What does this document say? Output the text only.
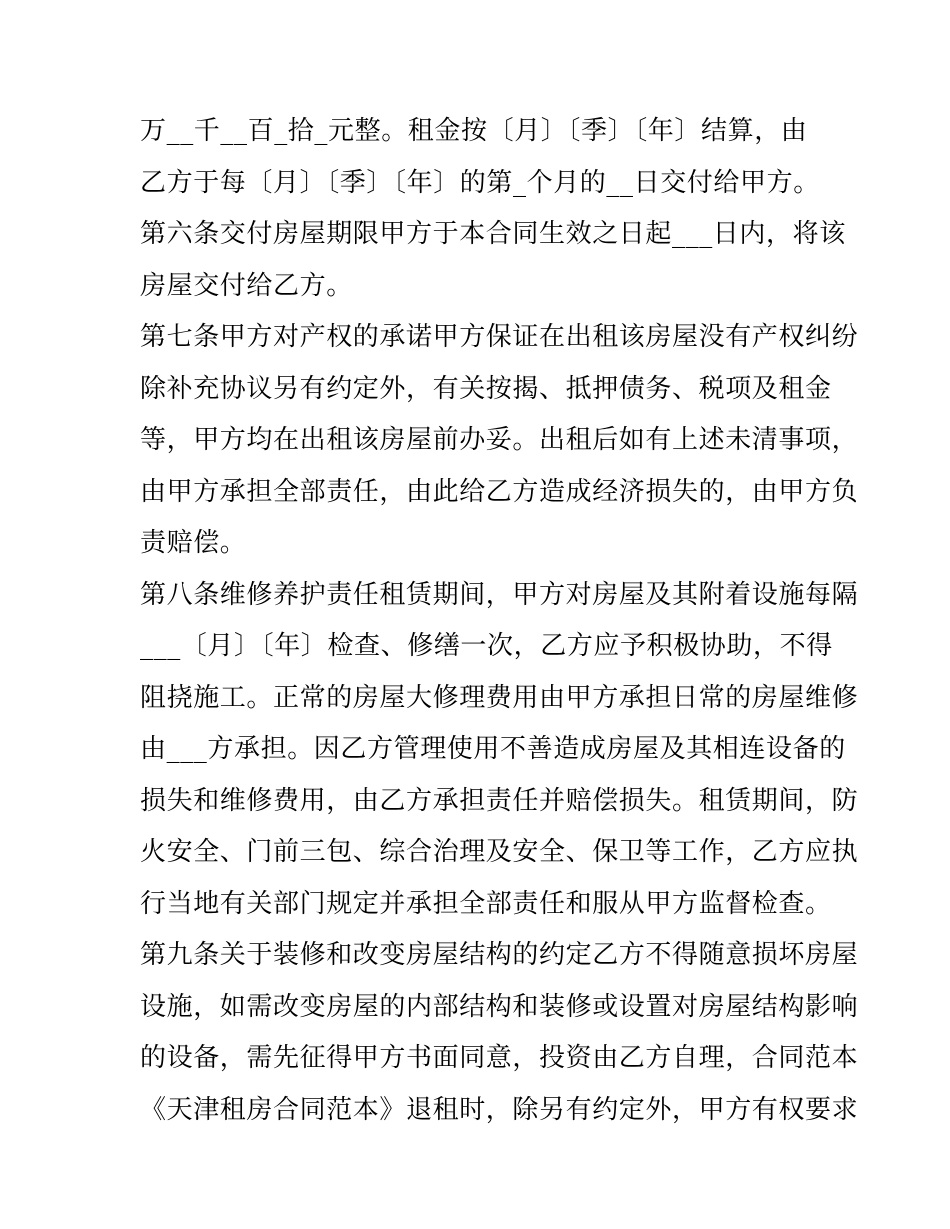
万__千__百_拾_元整。租金按〔月〕〔季〕〔年〕结算，由
乙方于每〔月〕〔季〕〔年〕的第_个月的__日交付给甲方。
第六条交付房屋期限甲方于本合同生效之日起___日内，将该
房屋交付给乙方。
第七条甲方对产权的承诺甲方保证在出租该房屋没有产权纠纷
除补充协议另有约定外，有关按揭、抵押债务、税项及租金
等，甲方均在出租该房屋前办妥。出租后如有上述未清事项，
由甲方承担全部责任，由此给乙方造成经济损失的，由甲方负
责赔偿。
第八条维修养护责任租赁期间，甲方对房屋及其附着设施每隔
___〔月〕〔年〕检查、修缮一次，乙方应予积极协助，不得
阻挠施工。正常的房屋大修理费用由甲方承担日常的房屋维修
由___方承担。因乙方管理使用不善造成房屋及其相连设备的
损失和维修费用，由乙方承担责任并赔偿损失。租赁期间，防
火安全、门前三包、综合治理及安全、保卫等工作，乙方应执
行当地有关部门规定并承担全部责任和服从甲方监督检查。
第九条关于装修和改变房屋结构的约定乙方不得随意损坏房屋
设施，如需改变房屋的内部结构和装修或设置对房屋结构影响
的设备，需先征得甲方书面同意，投资由乙方自理，合同范本
《天津租房合同范本》退租时，除另有约定外，甲方有权要求
